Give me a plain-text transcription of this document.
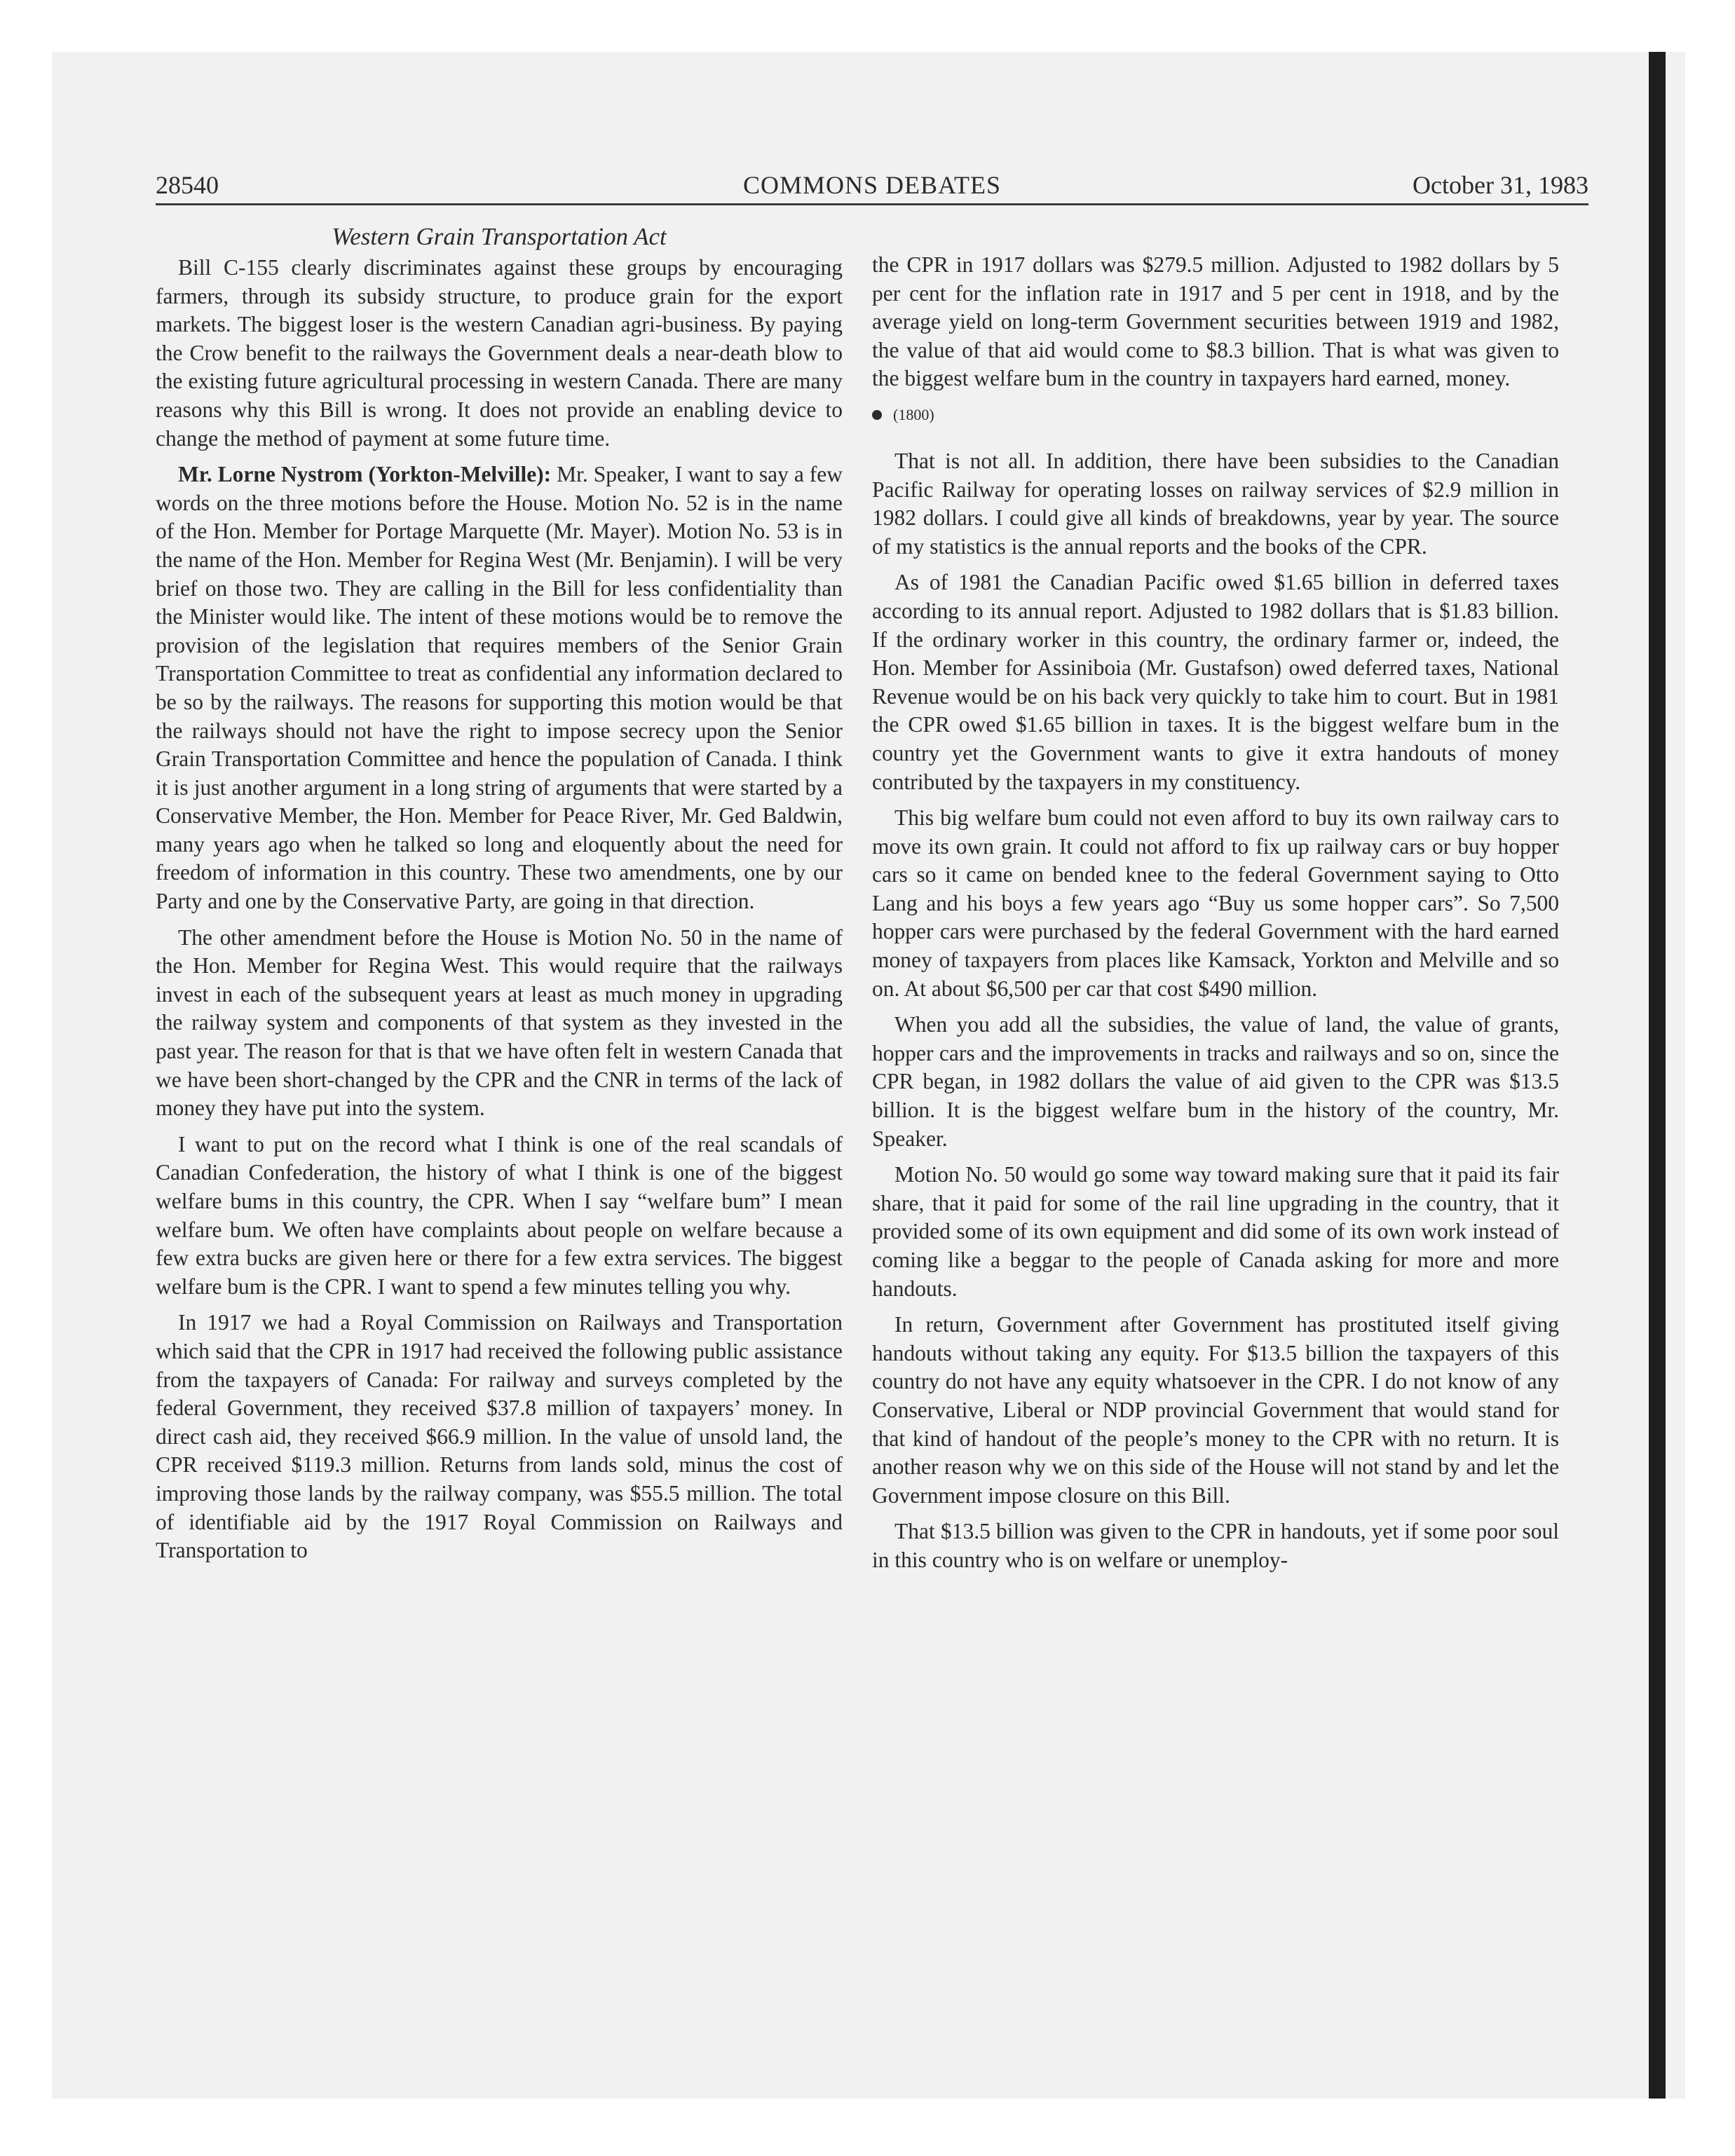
28540	COMMONS DEBATES	October 31, 1983
Western Grain Transportation Act

Bill C-155 clearly discriminates against these groups by encouraging farmers, through its subsidy structure, to produce grain for the export markets. The biggest loser is the western Canadian agri-business. By paying the Crow benefit to the railways the Government deals a near-death blow to the existing future agricultural processing in western Canada. There are many reasons why this Bill is wrong. It does not provide an enabling device to change the method of payment at some future time.

Mr. Lorne Nystrom (Yorkton-Melville): Mr. Speaker, I want to say a few words on the three motions before the House. Motion No. 52 is in the name of the Hon. Member for Portage Marquette (Mr. Mayer). Motion No. 53 is in the name of the Hon. Member for Regina West (Mr. Benjamin). I will be very brief on those two. They are calling in the Bill for less confidentiality than the Minister would like. The intent of these motions would be to remove the provision of the legislation that requires members of the Senior Grain Transportation Committee to treat as confidential any information declared to be so by the railways. The reasons for supporting this motion would be that the railways should not have the right to impose secrecy upon the Senior Grain Transportation Committee and hence the population of Canada. I think it is just another argument in a long string of arguments that were started by a Conservative Member, the Hon. Member for Peace River, Mr. Ged Baldwin, many years ago when he talked so long and eloquently about the need for freedom of information in this country. These two amendments, one by our Party and one by the Conservative Party, are going in that direction.

The other amendment before the House is Motion No. 50 in the name of the Hon. Member for Regina West. This would require that the railways invest in each of the subsequent years at least as much money in upgrading the railway system and components of that system as they invested in the past year. The reason for that is that we have often felt in western Canada that we have been short-changed by the CPR and the CNR in terms of the lack of money they have put into the system.

I want to put on the record what I think is one of the real scandals of Canadian Confederation, the history of what I think is one of the biggest welfare bums in this country, the CPR. When I say “welfare bum” I mean welfare bum. We often have complaints about people on welfare because a few extra bucks are given here or there for a few extra services. The biggest welfare bum is the CPR. I want to spend a few minutes telling you why.

In 1917 we had a Royal Commission on Railways and Transportation which said that the CPR in 1917 had received the following public assistance from the taxpayers of Canada: For railway and surveys completed by the federal Government, they received $37.8 million of taxpayers’ money. In direct cash aid, they received $66.9 million. In the value of unsold land, the CPR received $119.3 million. Returns from lands sold, minus the cost of improving those lands by the railway company, was $55.5 million. The total of identifiable aid by the 1917 Royal Commission on Railways and Transportation to

the CPR in 1917 dollars was $279.5 million. Adjusted to 1982 dollars by 5 per cent for the inflation rate in 1917 and 5 per cent in 1918, and by the average yield on long-term Government securities between 1919 and 1982, the value of that aid would come to $8.3 billion. That is what was given to the biggest welfare bum in the country in taxpayers hard earned, money.

(1800)

That is not all. In addition, there have been subsidies to the Canadian Pacific Railway for operating losses on railway services of $2.9 million in 1982 dollars. I could give all kinds of breakdowns, year by year. The source of my statistics is the annual reports and the books of the CPR.

As of 1981 the Canadian Pacific owed $1.65 billion in deferred taxes according to its annual report. Adjusted to 1982 dollars that is $1.83 billion. If the ordinary worker in this country, the ordinary farmer or, indeed, the Hon. Member for Assiniboia (Mr. Gustafson) owed deferred taxes, National Revenue would be on his back very quickly to take him to court. But in 1981 the CPR owed $1.65 billion in taxes. It is the biggest welfare bum in the country yet the Government wants to give it extra handouts of money contributed by the taxpayers in my constituency.

This big welfare bum could not even afford to buy its own railway cars to move its own grain. It could not afford to fix up railway cars or buy hopper cars so it came on bended knee to the federal Government saying to Otto Lang and his boys a few years ago “Buy us some hopper cars”. So 7,500 hopper cars were purchased by the federal Government with the hard earned money of taxpayers from places like Kamsack, Yorkton and Melville and so on. At about $6,500 per car that cost $490 million.

When you add all the subsidies, the value of land, the value of grants, hopper cars and the improvements in tracks and railways and so on, since the CPR began, in 1982 dollars the value of aid given to the CPR was $13.5 billion. It is the biggest welfare bum in the history of the country, Mr. Speaker.

Motion No. 50 would go some way toward making sure that it paid its fair share, that it paid for some of the rail line upgrading in the country, that it provided some of its own equipment and did some of its own work instead of coming like a beggar to the people of Canada asking for more and more handouts.

In return, Government after Government has prostituted itself giving handouts without taking any equity. For $13.5 billion the taxpayers of this country do not have any equity whatsoever in the CPR. I do not know of any Conservative, Liberal or NDP provincial Government that would stand for that kind of handout of the people’s money to the CPR with no return. It is another reason why we on this side of the House will not stand by and let the Government impose closure on this Bill.

That $13.5 billion was given to the CPR in handouts, yet if some poor soul in this country who is on welfare or unemploy-
